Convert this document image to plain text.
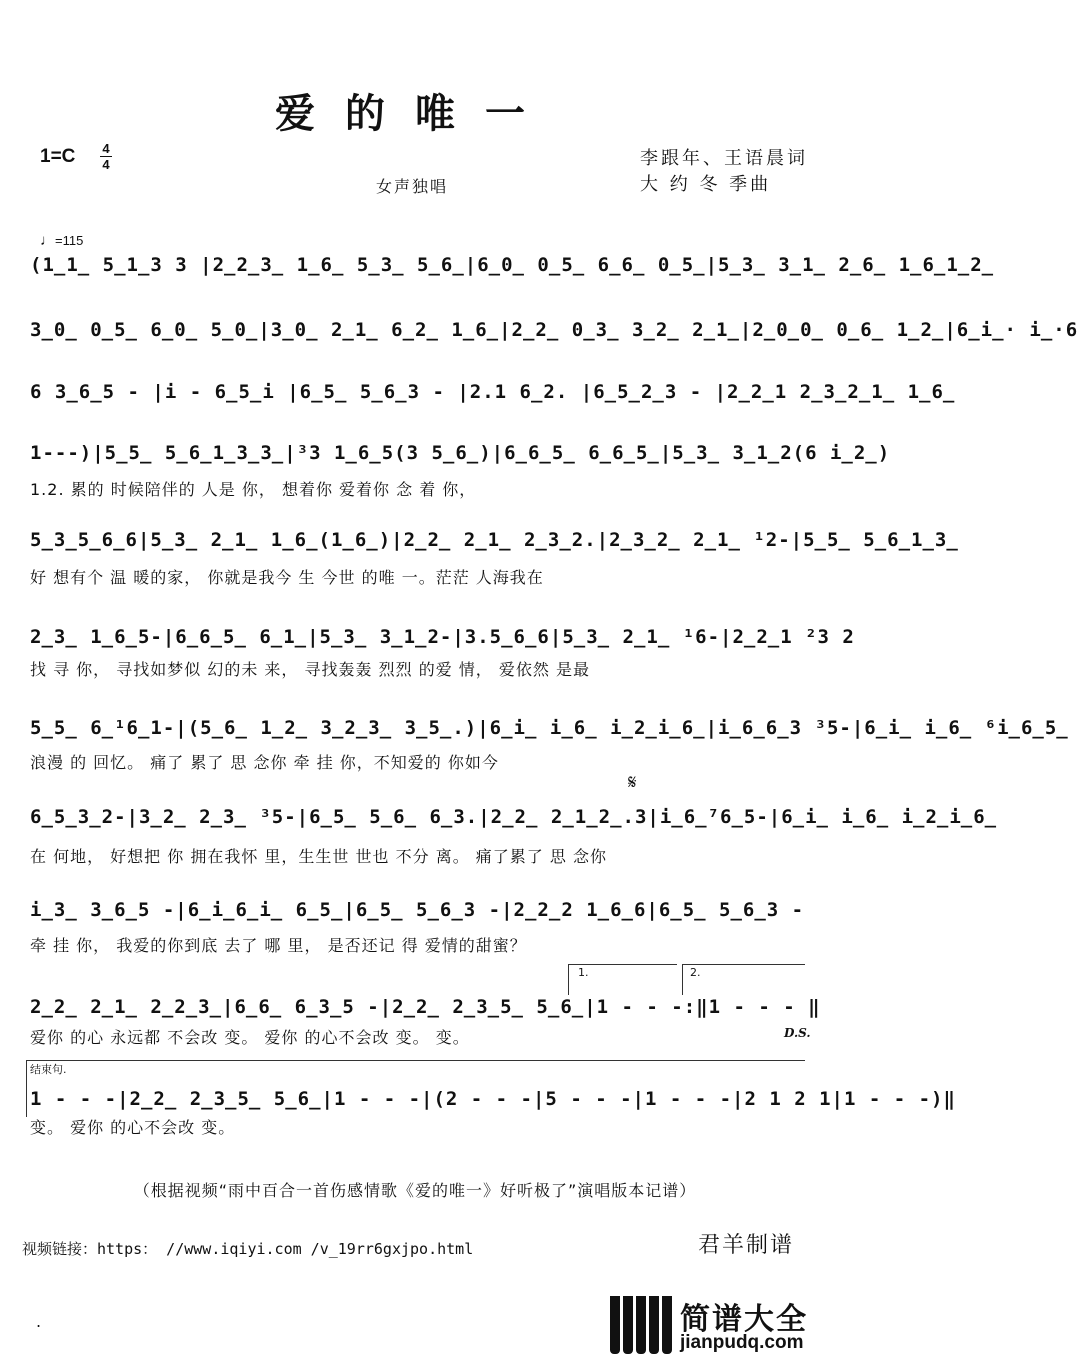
爱的唯一
1=C 4
4	李跟年、王语晨词
大 约 冬 季曲
女声独唱
♩=115
(1̲1̲ 5̲1̲3 3 |2̲2̲3̲ 1̲6̲ 5̲3̲ 5̲6̲|6̲0̲ 0̲5̲ 6̲6̲ 0̲5̲|5̲3̲ 3̲1̲ 2̲6̲ 1̲6̲1̲2̲
3̲0̲ 0̲5̲ 6̲0̲ 5̲0̲|3̲0̲ 2̲1̲ 6̲2̲ 1̲6̲|2̲2̲ 0̲3̲ 3̲2̲ 2̲1̲|2̲0̲0̲ 0̲6̲ 1̲2̲|6̲i̲· i̲·6
6 3̲6̲5 - |i - 6̲5̲i |6̲5̲ 5̲6̲3 - |2.1 6̲2. |6̲5̲2̲3 - |2̲2̲1 2̲3̲2̲1̲ 1̲6̲
1---)|5̲5̲ 5̲6̲1̲3̲3̲|³3 1̲6̲5(3 5̲6̲)|6̲6̲5̲ 6̲6̲5̲|5̲3̲ 3̲1̲2(6 i̲2̲)
5̲3̲5̲6̲6|5̲3̲ 2̲1̲ 1̲6̲(1̲6̲)|2̲2̲ 2̲1̲ 2̲3̲2.|2̲3̲2̲ 2̲1̲ ¹2-|5̲5̲ 5̲6̲1̲3̲
2̲3̲ 1̲6̲5-|6̲6̲5̲ 6̲1̲|5̲3̲ 3̲1̲2-|3.5̲6̲6|5̲3̲ 2̲1̲ ¹6-|2̲2̲1 ²3 2
5̲5̲ 6̲¹6̲1-|(5̲6̲ 1̲2̲ 3̲2̲3̲ 3̲5̲.)|6̲i̲ i̲6̲ i̲2̲i̲6̲|i̲6̲6̲3 ³5-|6̲i̲ i̲6̲ ⁶i̲6̲5̲
6̲5̲3̲2-|3̲2̲ 2̲3̲ ³5-|6̲5̲ 5̲6̲ 6̲3.|2̲2̲ 2̲1̲2̲.3|i̲6̲⁷6̲5-|6̲i̲ i̲6̲ i̲2̲i̲6̲
i̲3̲ 3̲6̲5 -|6̲i̲6̲i̲ 6̲5̲|6̲5̲ 5̲6̲3 -|2̲2̲2 1̲6̲6|6̲5̲ 5̲6̲3 -
2̲2̲ 2̲1̲ 2̲2̲3̲|6̲6̲ 6̲3̲5 -|2̲2̲ 2̲3̲5̲ 5̲6̲|1 - - -:‖1 - - - ‖
1 - - -|2̲2̲ 2̲3̲5̲ 5̲6̲|1 - - -|(2 - - -|5 - - -|1 - - -|2 1 2 1|1 - - -)‖
1.2. 累的 时候陪伴的 人是 你， 想着你 爱着你 念 着 你，
好 想有个 温 暖的家， 你就是我今 生 今世 的唯 一。茫茫 人海我在
找 寻 你， 寻找如梦似 幻的未 来， 寻找轰轰 烈烈 的爱 情， 爱依然 是最
浪漫 的 回忆。 痛了 累了 思 念你 牵 挂 你，不知爱的 你如今
在 何地， 好想把 你 拥在我怀 里，生生世 世也 不分 离。 痛了累了 思 念你
牵 挂 你， 我爱的你到底 去了 哪 里， 是否还记 得 爱情的甜蜜？
爱你 的心 永远都 不会改 变。 爱你 的心不会改 变。 变。
变。 爱你 的心不会改 变。
结束句.
1.	2.
𝄋
D.S.
（根据视频“雨中百合一首伤感情歌《爱的唯一》好听极了”演唱版本记谱）
视频链接：https： //www.iqiyi.com /v_19rr6gxjpo.html	君羊制谱
.	简谱大全
jianpudq.com
